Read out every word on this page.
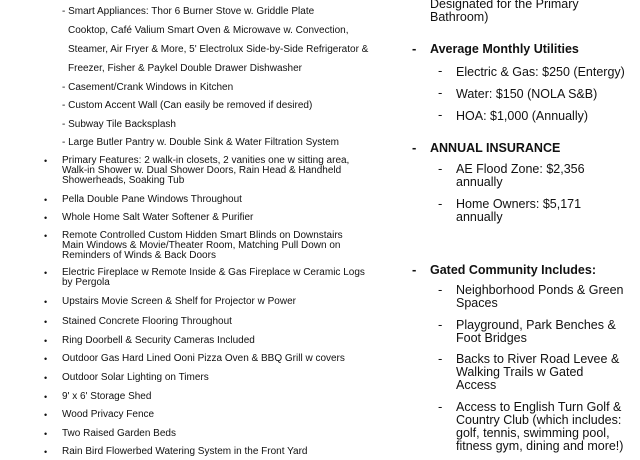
- Smart Appliances: Thor 6 Burner Stove w. Griddle Plate
Cooktop, Café Valium Smart Oven & Microwave w. Convection,
Steamer, Air Fryer & More, 5' Electrolux Side-by-Side Refrigerator &
Freezer, Fisher & Paykel Double Drawer Dishwasher
- Casement/Crank Windows in Kitchen
- Custom Accent Wall (Can easily be removed if desired)
- Subway Tile Backsplash
- Large Butler Pantry w. Double Sink & Water Filtration System
• Primary Features: 2 walk-in closets, 2 vanities one w sitting area,
Walk-in Shower w. Dual Shower Doors, Rain Head & Handheld
Showerheads, Soaking Tub
• Pella Double Pane Windows Throughout
• Whole Home Salt Water Softener & Purifier
• Remote Controlled Custom Hidden Smart Blinds on Downstairs
Main Windows & Movie/Theater Room, Matching Pull Down on
Reminders of Winds & Back Doors
• Electric Fireplace w Remote Inside & Gas Fireplace w Ceramic Logs
by Pergola
• Upstairs Movie Screen & Shelf for Projector w Power
• Stained Concrete Flooring Throughout
• Ring Doorbell & Security Cameras Included
• Outdoor Gas Hard Lined Ooni Pizza Oven & BBQ Grill w covers
• Outdoor Solar Lighting on Timers
• 9' x 6' Storage Shed
• Wood Privacy Fence
• Two Raised Garden Beds
• Rain Bird Flowerbed Watering System in the Front Yard
Designated for the Primary
Bathroom)
- Average Monthly Utilities
- Electric & Gas: $250 (Entergy)
- Water: $150 (NOLA S&B)
- HOA: $1,000 (Annually)
- ANNUAL INSURANCE
- AE Flood Zone: $2,356
annually
- Home Owners: $5,171
annually
- Gated Community Includes:
- Neighborhood Ponds & Green
Spaces
- Playground, Park Benches &
Foot Bridges
- Backs to River Road Levee &
Walking Trails w Gated
Access
- Access to English Turn Golf &
Country Club (which includes:
golf, tennis, swimming pool,
fitness gym, dining and more!)
